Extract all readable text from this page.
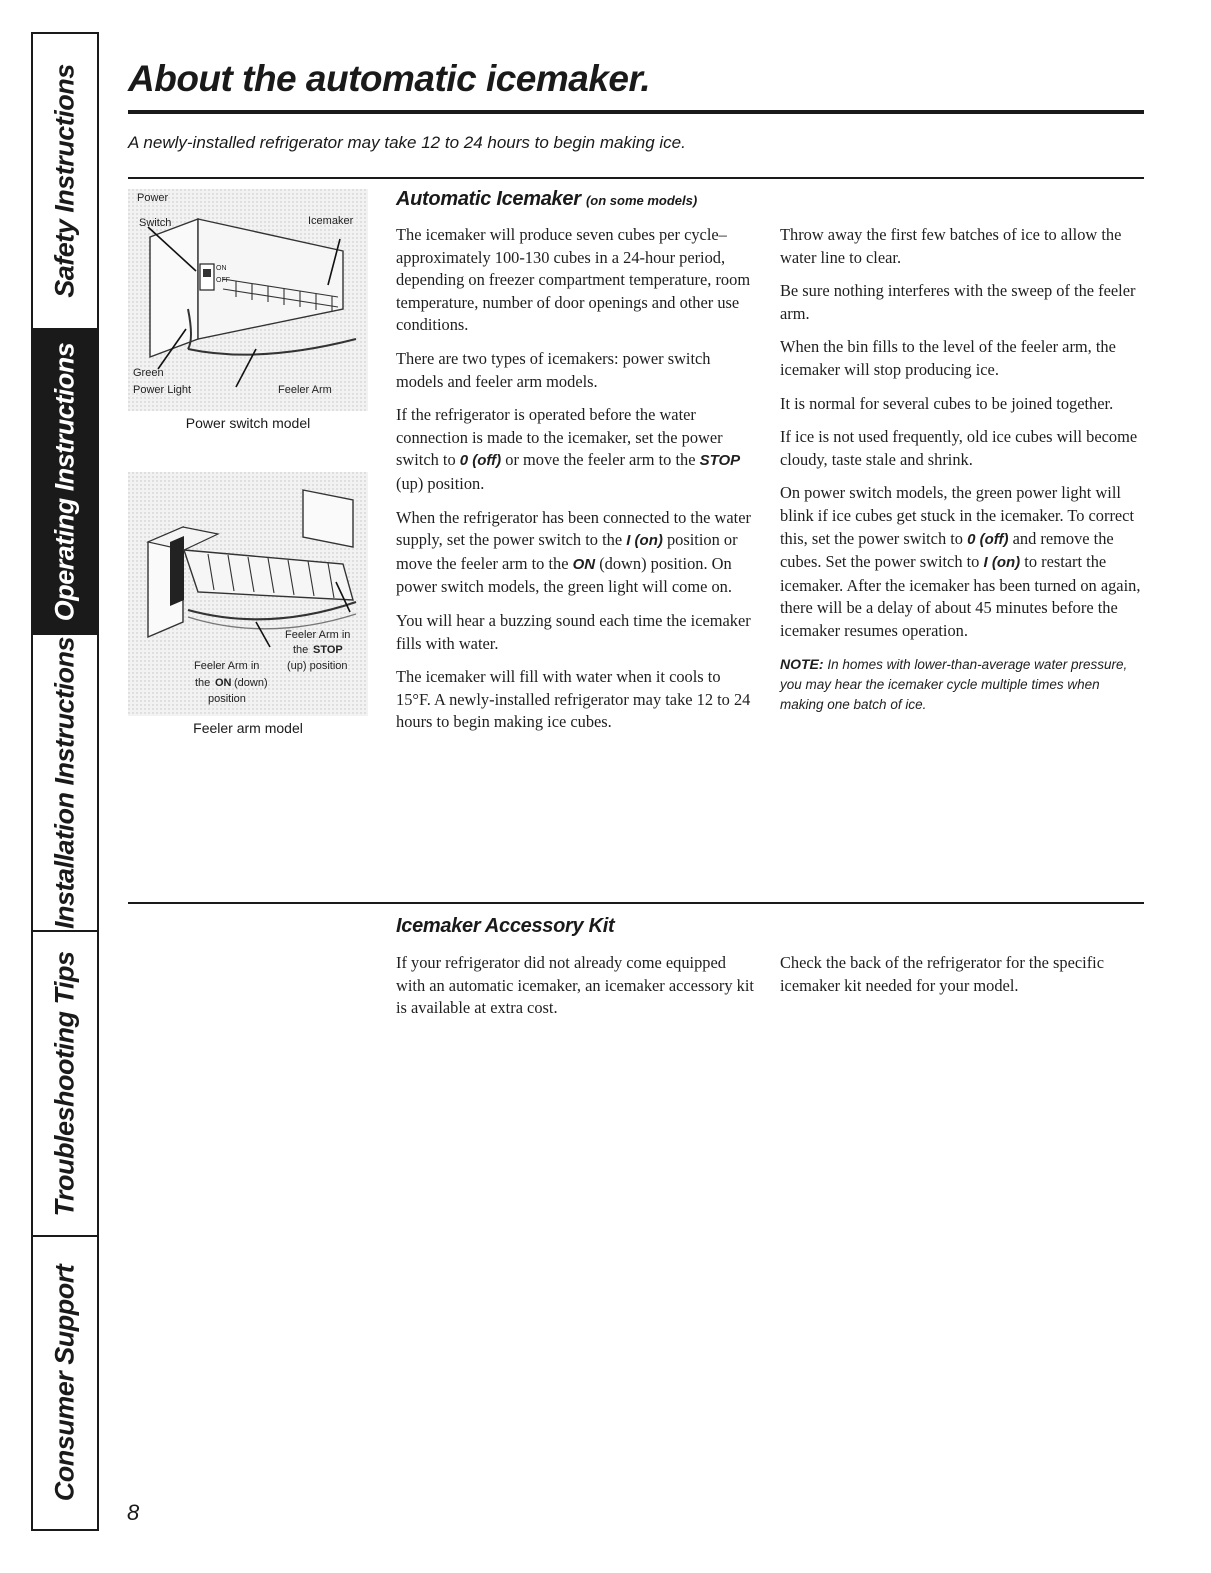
Safety Instructions
Operating Instructions
Installation Instructions
Troubleshooting Tips
Consumer Support
About the automatic icemaker.

A newly-installed refrigerator may take 12 to 24 hours to begin making ice.

Power
Switch	Icemaker
ON
OFF
Green
Power Light	Feeler Arm
Power switch model
Feeler Arm in
the STOP
(up) position
Feeler Arm in
the ON (down)
position
Feeler arm model
Automatic Icemaker (on some models)

The icemaker will produce seven cubes per cycle–approximately 100-130 cubes in a 24-hour period, depending on freezer compartment temperature, room temperature, number of door openings and other use conditions.

There are two types of icemakers: power switch models and feeler arm models.

If the refrigerator is operated before the water connection is made to the icemaker, set the power switch to 0 (off) or move the feeler arm to the STOP (up) position.

When the refrigerator has been connected to the water supply, set the power switch to the I (on) position or move the feeler arm to the ON (down) position. On power switch models, the green light will come on.

You will hear a buzzing sound each time the icemaker fills with water.

The icemaker will fill with water when it cools to 15°F. A newly-installed refrigerator may take 12 to 24 hours to begin making ice cubes.

Throw away the first few batches of ice to allow the water line to clear.

Be sure nothing interferes with the sweep of the feeler arm.

When the bin fills to the level of the feeler arm, the icemaker will stop producing ice.

It is normal for several cubes to be joined together.

If ice is not used frequently, old ice cubes will become cloudy, taste stale and shrink.

On power switch models, the green power light will blink if ice cubes get stuck in the icemaker. To correct this, set the power switch to 0 (off) and remove the cubes. Set the power switch to I (on) to restart the icemaker. After the icemaker has been turned on again, there will be a delay of about 45 minutes before the icemaker resumes operation.

NOTE: In homes with lower-than-average water pressure, you may hear the icemaker cycle multiple times when making one batch of ice.

Icemaker Accessory Kit

If your refrigerator did not already come equipped with an automatic icemaker, an icemaker accessory kit is available at extra cost.

Check the back of the refrigerator for the specific icemaker kit needed for your model.

8
